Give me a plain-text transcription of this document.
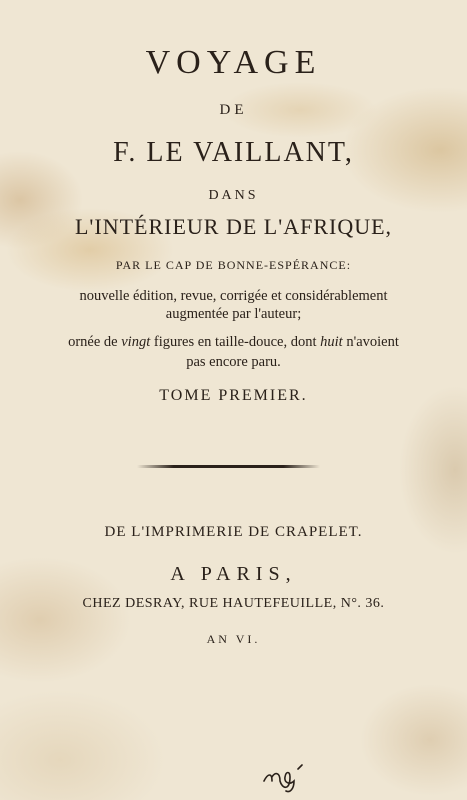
VOYAGE
DE
F. LE VAILLANT,
DANS
L'INTÉRIEUR DE L'AFRIQUE,
PAR LE CAP DE BONNE-ESPÉRANCE:
nouvelle édition, revue, corrigée et considérablement
augmentée par l'auteur;
ornée de vingt figures en taille-douce, dont huit n'avoient
pas encore paru.
TOME PREMIER.
DE L'IMPRIMERIE DE CRAPELET.
A PARIS,
CHEZ DESRAY, RUE HAUTEFEUILLE, N°. 36.
AN VI.
